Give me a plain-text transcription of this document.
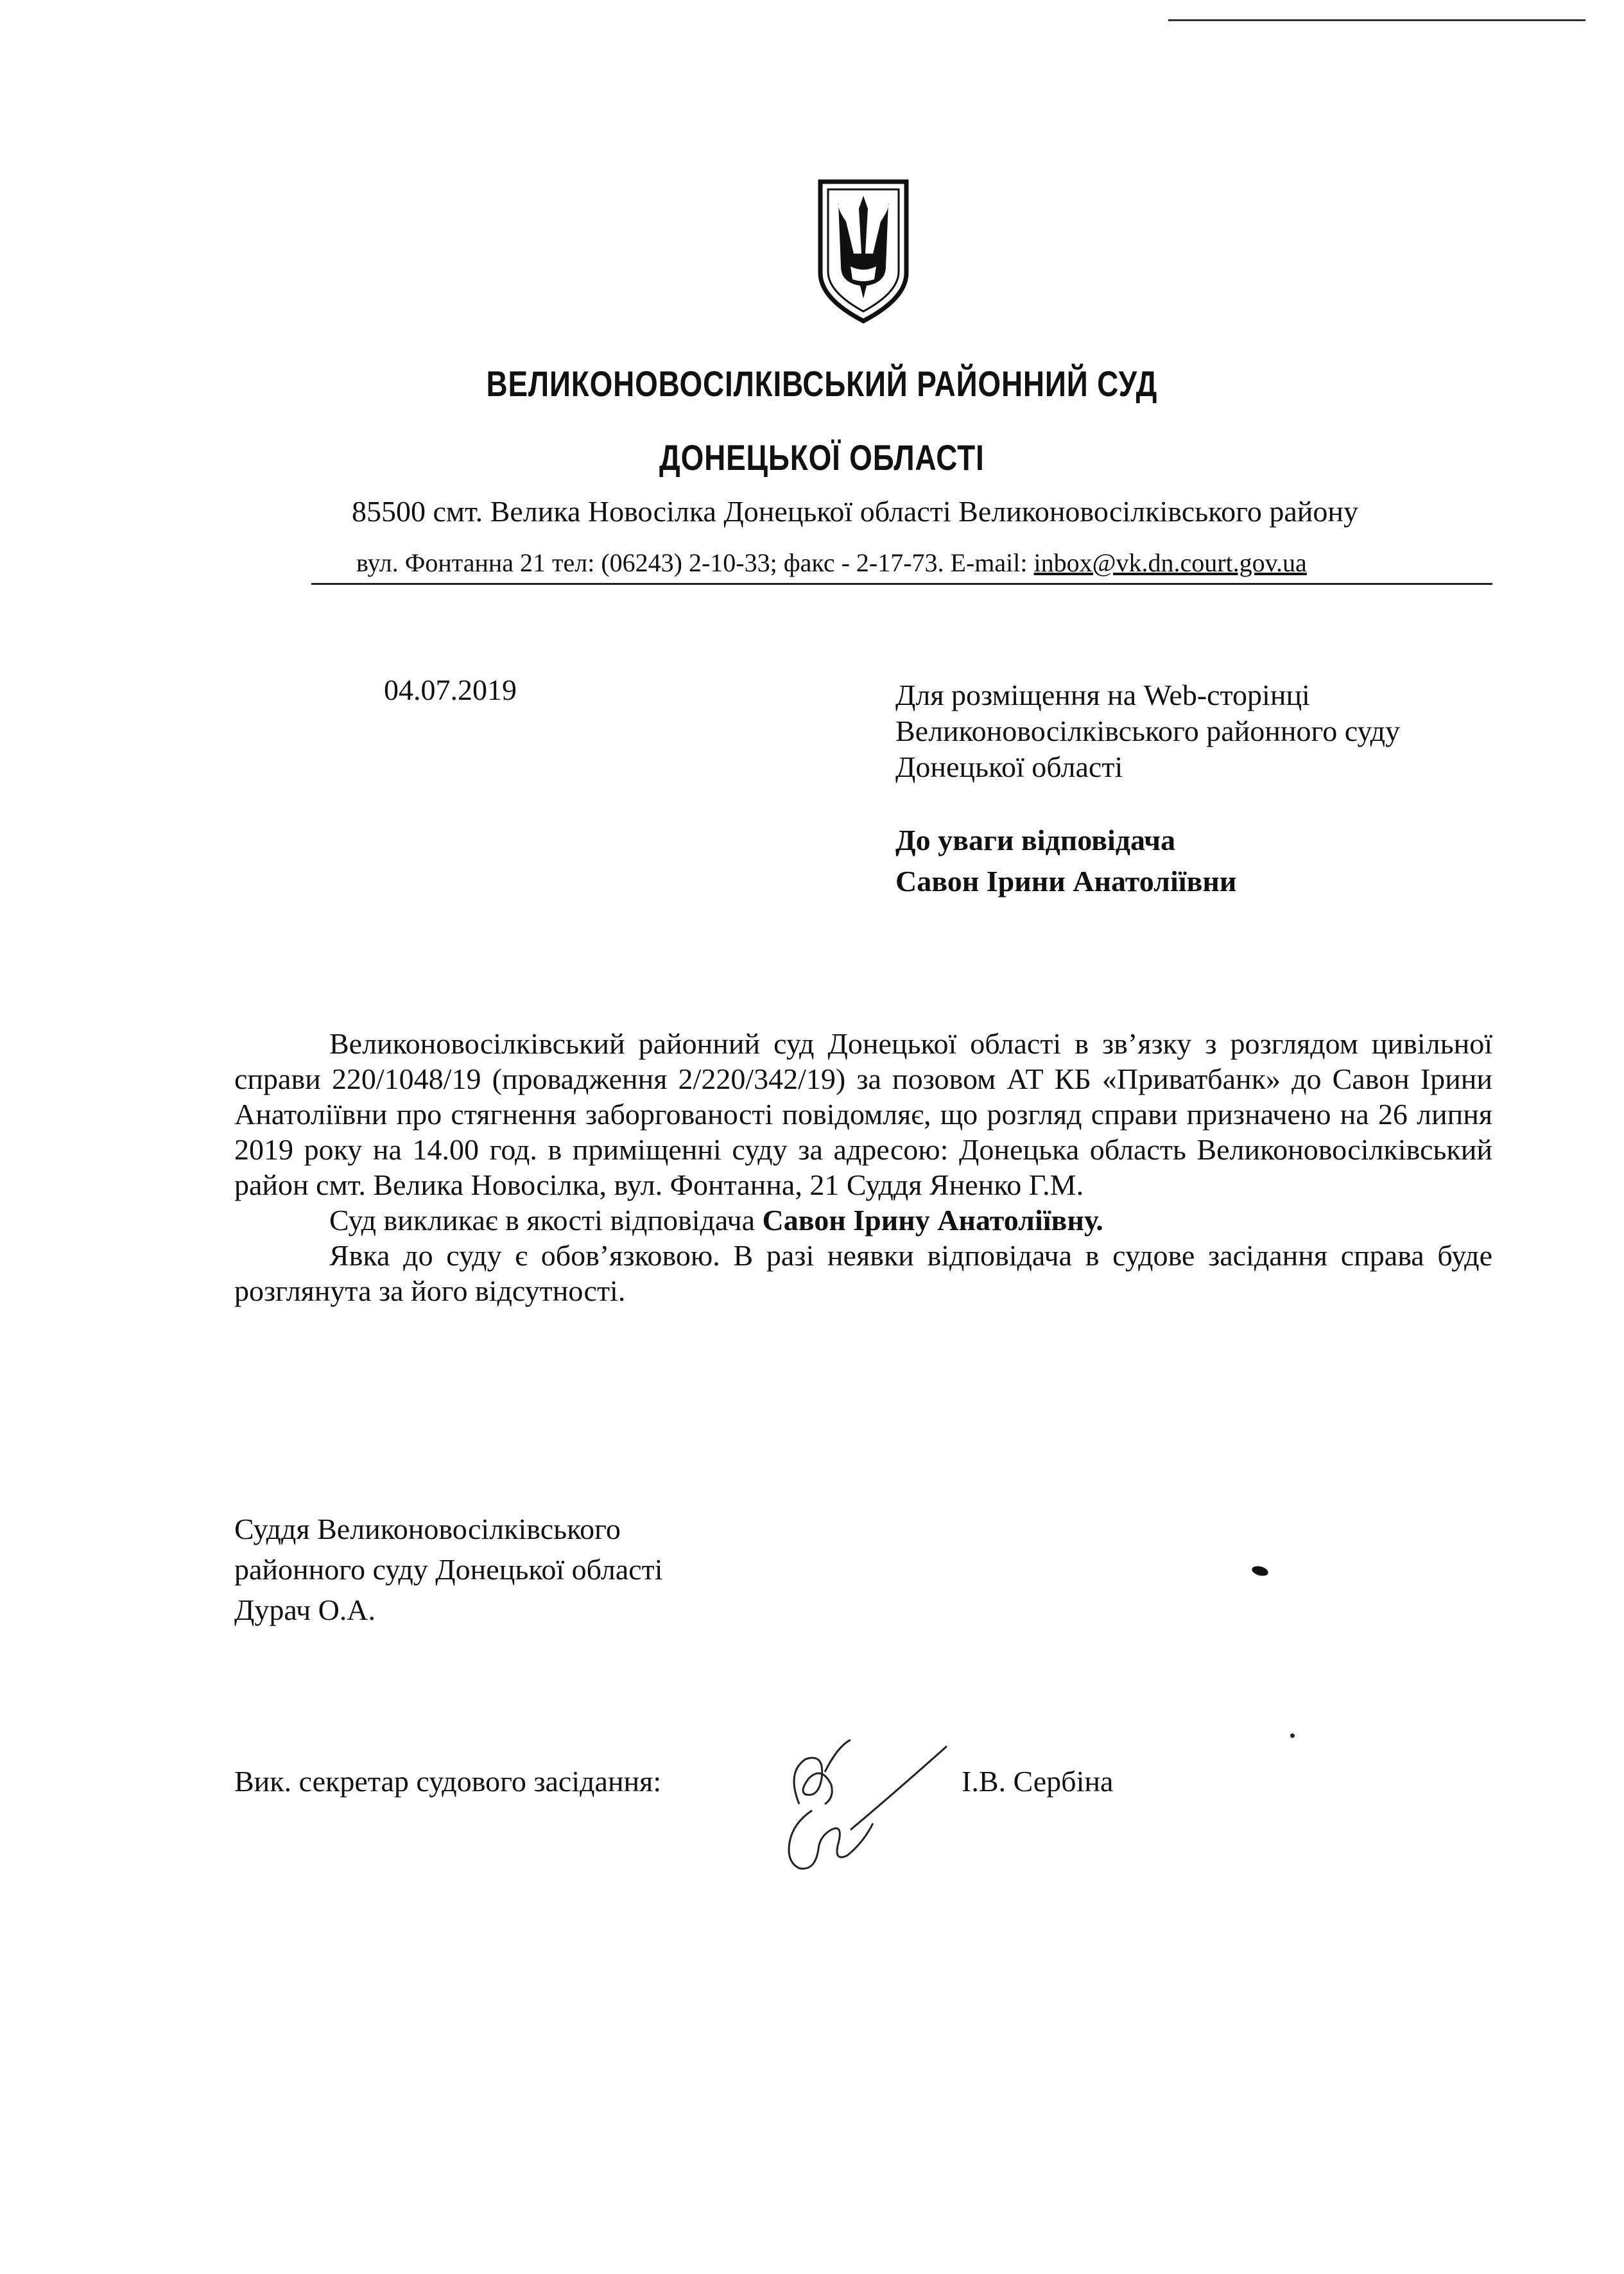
ВЕЛИКОНОВОСІЛКІВСЬКИЙ РАЙОННИЙ СУД
ДОНЕЦЬКОЇ ОБЛАСТІ
85500 смт. Велика Новосілка Донецької області Великоновосілківського району
вул. Фонтанна 21 тел: (06243) 2-10-33; факс - 2-17-73. E-mail: inbox@vk.dn.court.gov.ua
04.07.2019	Для розміщення на Web-сторінці
Великоновосілківського районного суду
Донецької області
До уваги відповідача
Савон Ірини Анатоліївни

Великоновосілківський районний суд Донецької області в зв’язку з розглядом цивільної справи 220/1048/19 (провадження 2/220/342/19) за позовом АТ КБ «Приватбанк» до Савон Ірини Анатоліївни про стягнення заборгованості повідомляє, що розгляд справи призначено на 26 липня 2019 року на 14.00 год. в приміщенні суду за адресою: Донецька область Великоновосілківський район смт. Велика Новосілка, вул. Фонтанна, 21 Суддя Яненко Г.М.

Суд викликає в якості відповідача Савон Ірину Анатоліївну.

Явка до суду є обов’язковою. В разі неявки відповідача в судове засідання справа буде розглянута за його відсутності.

Суддя Великоновосілківського
районного суду Донецької області
Дурач О.А.
Вик. секретар судового засідання:	І.В. Сербіна
